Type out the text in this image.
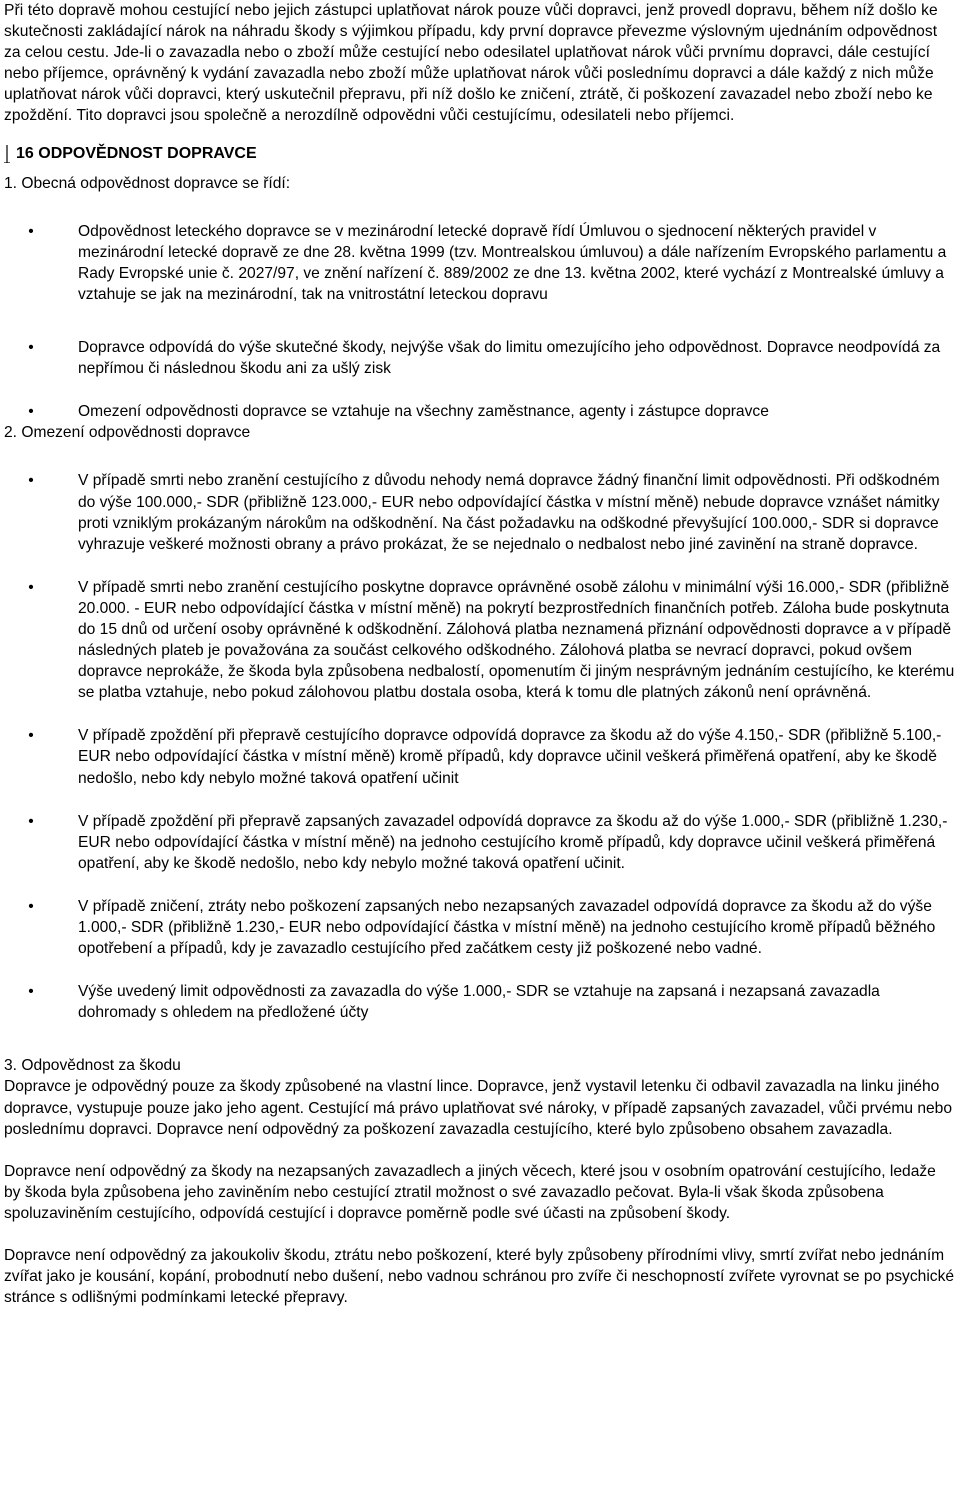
Při této dopravě mohou cestující nebo jejich zástupci uplatňovat nárok pouze vůči dopravci, jenž provedl dopravu, během níž došlo ke skutečnosti zakládající nárok na náhradu škody s výjimkou případu, kdy první dopravce převezme výslovným ujednáním odpovědnost za celou cestu. Jde-li o zavazadla nebo o zboží může cestující nebo odesilatel uplatňovat nárok vůči prvnímu dopravci, dále cestující nebo příjemce, oprávněný k vydání zavazadla nebo zboží může uplatňovat nárok vůči poslednímu dopravci a dále každý z nich může uplatňovat nárok vůči dopravci, který uskutečnil přepravu, při níž došlo ke zničení, ztrátě, či poškození zavazadel nebo zboží nebo ke zpoždění. Tito dopravci jsou společně a nerozdílně odpovědni vůči cestujícímu, odesilateli nebo příjemci.

16 ODPOVĚDNOST DOPRAVCE

1. Obecná odpovědnost dopravce se řídí:

•	Odpovědnost leteckého dopravce se v mezinárodní letecké dopravě řídí Úmluvou o sjednocení některých pravidel v mezinárodní letecké dopravě ze dne 28. května 1999 (tzv. Montrealskou úmluvou) a dále nařízením Evropského parlamentu a Rady Evropské unie č. 2027/97, ve znění nařízení č. 889/2002 ze dne 13. května 2002, které vychází z Montrealské úmluvy a vztahuje se jak na mezinárodní, tak na vnitrostátní leteckou dopravu
•	Dopravce odpovídá do výše skutečné škody, nejvýše však do limitu omezujícího jeho odpovědnost. Dopravce neodpovídá za nepřímou či následnou škodu ani za ušlý zisk
•	Omezení odpovědnosti dopravce se vztahuje na všechny zaměstnance, agenty i zástupce dopravce

2. Omezení odpovědnosti dopravce

•	V případě smrti nebo zranění cestujícího z důvodu nehody nemá dopravce žádný finanční limit odpovědnosti. Při odškodném do výše 100.000,- SDR (přibližně 123.000,- EUR nebo odpovídající částka v místní měně) nebude dopravce vznášet námitky proti vzniklým prokázaným nárokům na odškodnění. Na část požadavku na odškodné převyšující 100.000,- SDR si dopravce vyhrazuje veškeré možnosti obrany a právo prokázat, že se nejednalo o nedbalost nebo jiné zavinění na straně dopravce.
•	V případě smrti nebo zranění cestujícího poskytne dopravce oprávněné osobě zálohu v minimální výši 16.000,- SDR (přibližně 20.000. - EUR nebo odpovídající částka v místní měně) na pokrytí bezprostředních finančních potřeb. Záloha bude poskytnuta do 15 dnů od určení osoby oprávněné k odškodnění. Zálohová platba neznamená přiznání odpovědnosti dopravce a v případě následných plateb je považována za součást celkového odškodného. Zálohová platba se nevrací dopravci, pokud ovšem dopravce neprokáže, že škoda byla způsobena nedbalostí, opomenutím či jiným nesprávným jednáním cestujícího, ke kterému se platba vztahuje, nebo pokud zálohovou platbu dostala osoba, která k tomu dle platných zákonů není oprávněná.
•	V případě zpoždění při přepravě cestujícího dopravce odpovídá dopravce za škodu až do výše 4.150,- SDR (přibližně 5.100,- EUR nebo odpovídající částka v místní měně) kromě případů, kdy dopravce učinil veškerá přiměřená opatření, aby ke škodě nedošlo, nebo kdy nebylo možné taková opatření učinit
•	V případě zpoždění při přepravě zapsaných zavazadel odpovídá dopravce za škodu až do výše 1.000,- SDR (přibližně 1.230,- EUR nebo odpovídající částka v místní měně) na jednoho cestujícího kromě případů, kdy dopravce učinil veškerá přiměřená opatření, aby ke škodě nedošlo, nebo kdy nebylo možné taková opatření učinit.
•	V případě zničení, ztráty nebo poškození zapsaných nebo nezapsaných zavazadel odpovídá dopravce za škodu až do výše 1.000,- SDR (přibližně 1.230,- EUR nebo odpovídající částka v místní měně) na jednoho cestujícího kromě případů běžného opotřebení a případů, kdy je zavazadlo cestujícího před začátkem cesty již poškozené nebo vadné.
•	Výše uvedený limit odpovědnosti za zavazadla do výše 1.000,- SDR se vztahuje na zapsaná i nezapsaná zavazadla dohromady s ohledem na předložené účty

3. Odpovědnost za škodu

Dopravce je odpovědný pouze za škody způsobené na vlastní lince. Dopravce, jenž vystavil letenku či odbavil zavazadla na linku jiného dopravce, vystupuje pouze jako jeho agent. Cestující má právo uplatňovat své nároky, v případě zapsaných zavazadel, vůči prvému nebo poslednímu dopravci. Dopravce není odpovědný za poškození zavazadla cestujícího, které bylo způsobeno obsahem zavazadla.

Dopravce není odpovědný za škody na nezapsaných zavazadlech a jiných věcech, které jsou v osobním opatrování cestujícího, ledaže by škoda byla způsobena jeho zaviněním nebo cestující ztratil možnost o své zavazadlo pečovat. Byla-li však škoda způsobena spoluzaviněním cestujícího, odpovídá cestující i dopravce poměrně podle své účasti na způsobení škody.

Dopravce není odpovědný za jakoukoliv škodu, ztrátu nebo poškození, které byly způsobeny přírodními vlivy, smrtí zvířat nebo jednáním zvířat jako je kousání, kopání, probodnutí nebo dušení, nebo vadnou schránou pro zvíře či neschopností zvířete vyrovnat se po psychické stránce s odlišnými podmínkami letecké přepravy.
